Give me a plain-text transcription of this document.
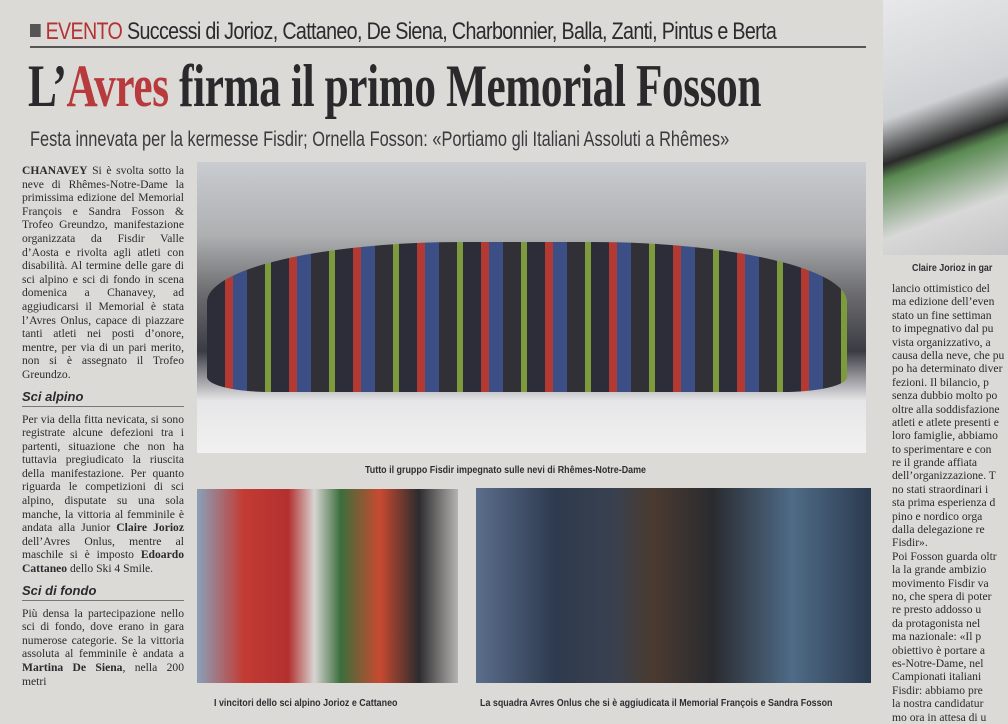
EVENTO Successi di Jorioz, Cattaneo, De Siena, Charbonnier, Balla, Zanti, Pintus e Berta
L’Avres firma il primo Memorial Fosson
Festa innevata per la kermesse Fisdir; Ornella Fosson: «Portiamo gli Italiani Assoluti a Rhêmes»
CHANAVEY Si è svolta sotto la neve di Rhêmes-Notre-Dame la primissima edizione del Memorial François e Sandra Fosson & Trofeo Greundzo, manifestazione organizzata da Fisdir Valle d’Aosta e rivolta agli atleti con disabilità. Al termine delle gare di sci alpino e sci di fondo in scena domenica a Chanavey, ad aggiudicarsi il Memorial è stata l’Avres Onlus, capace di piazzare tanti atleti nei posti d’onore, mentre, per via di un pari merito, non si è assegnato il Trofeo Greundzo.
Sci alpino
Per via della fitta nevicata, si sono registrate alcune defezioni tra i partenti, situazione che non ha tuttavia pregiudicato la riuscita della manifestazione. Per quanto riguarda le competizioni di sci alpino, disputate su una sola manche, la vittoria al femminile è andata alla Junior Claire Jorioz dell’Avres Onlus, mentre al maschile si è imposto Edoardo Cattaneo dello Ski 4 Smile.
Sci di fondo
Più densa la partecipazione nello sci di fondo, dove erano in gara numerose categorie. Se la vittoria assoluta al femminile è andata a Martina De Siena, nella 200 metri
Tutto il gruppo Fisdir impegnato sulle nevi di Rhêmes-Notre-Dame
I vincitori dello sci alpino Jorioz e Cattaneo	La squadra Avres Onlus che si è aggiudicata il Memorial François e Sandra Fosson
Claire Jorioz in gar
lancio ottimistico del
ma edizione dell’even
stato un fine settiman
to impegnativo dal pu
vista organizzativo, a
causa della neve, che pu
po ha determinato diver
fezioni. Il bilancio, p
senza dubbio molto po
oltre alla soddisfazione
atleti e atlete presenti e
loro famiglie, abbiamo
to sperimentare e con
re il grande affiata
dell’organizzazione. T
no stati straordinari i
sta prima esperienza d
pino e nordico orga
dalla delegazione re
Fisdir».
Poi Fosson guarda oltr
la la grande ambizio
movimento Fisdir va
no, che spera di poter
re presto addosso u
da protagonista nel
ma nazionale: «Il p
obiettivo è portare a
es-Notre-Dame, nel
Campionati italiani
Fisdir: abbiamo pre
la nostra candidatur
mo ora in attesa di u
